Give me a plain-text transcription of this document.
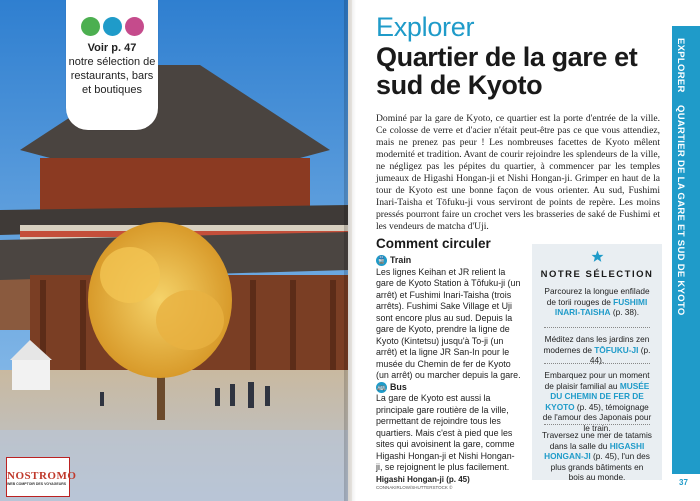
Voir p. 47
notre sélection de restaurants, bars et boutiques
NOSTROMO
WEB COMPTOIR DES VOYAGEURS
Explorer
Quartier de la gare et sud de Kyoto

Dominé par la gare de Kyoto, ce quartier est la porte d'entrée de la ville. Ce colosse de verre et d'acier n'était peut-être pas ce que vous attendiez, mais ne prenez pas peur ! Les nombreuses facettes de Kyoto mêlent modernité et tradition. Avant de courir rejoindre les splendeurs de la ville, ne négligez pas les pépites du quartier, à commencer par les temples jumeaux de Higashi Hongan-ji et Nishi Hongan-ji. Grimper en haut de la tour de Kyoto est une bonne façon de vous orienter. Au sud, Fushimi Inari-Taisha et Tōfuku-ji vous serviront de points de repère. Les moins pressés pourront faire un crochet vers les brasseries de saké de Fushimi et les vendeurs de matcha d'Uji.

Comment circuler
🚆 Train

Les lignes Keihan et JR relient la gare de Kyoto Station à Tōfuku-ji (un arrêt) et Fushimi Inari-Taisha (trois arrêts). Fushimi Sake Village et Uji sont encore plus au sud. Depuis la gare de Kyoto, prendre la ligne de Kyoto (Kintetsu) jusqu'à To-ji (un arrêt) et la ligne JR San-In pour le musée du Chemin de fer de Kyoto (un arrêt) ou marcher depuis la gare.

🚌 Bus

La gare de Kyoto est aussi la principale gare routière de la ville, permettant de rejoindre tous les quartiers. Mais c'est à pied que les sites qui avoisinent la gare, comme Higashi Hongan-ji et Nishi Hongan-ji, se rejoignent le plus facilement.

Higashi Hongan-ji (p. 45)
CONNAKIRLOW/SHUTTERSTOCK ©
NOTRE SÉLECTION
Parcourez la longue enfilade de torii rouges de FUSHIMI INARI-TAISHA (p. 38).
Méditez dans les jardins zen modernes de TŌFUKU-JI (p. 44).
Embarquez pour un moment de plaisir familial au MUSÉE DU CHEMIN DE FER DE KYOTO (p. 45), témoignage de l'amour des Japonais pour le train.
Traversez une mer de tatamis dans la salle du HIGASHI HONGAN-JI (p. 45), l'un des plus grands bâtiments en bois au monde.
EXPLORER
QUARTIER DE LA GARE ET SUD DE KYOTO
37
